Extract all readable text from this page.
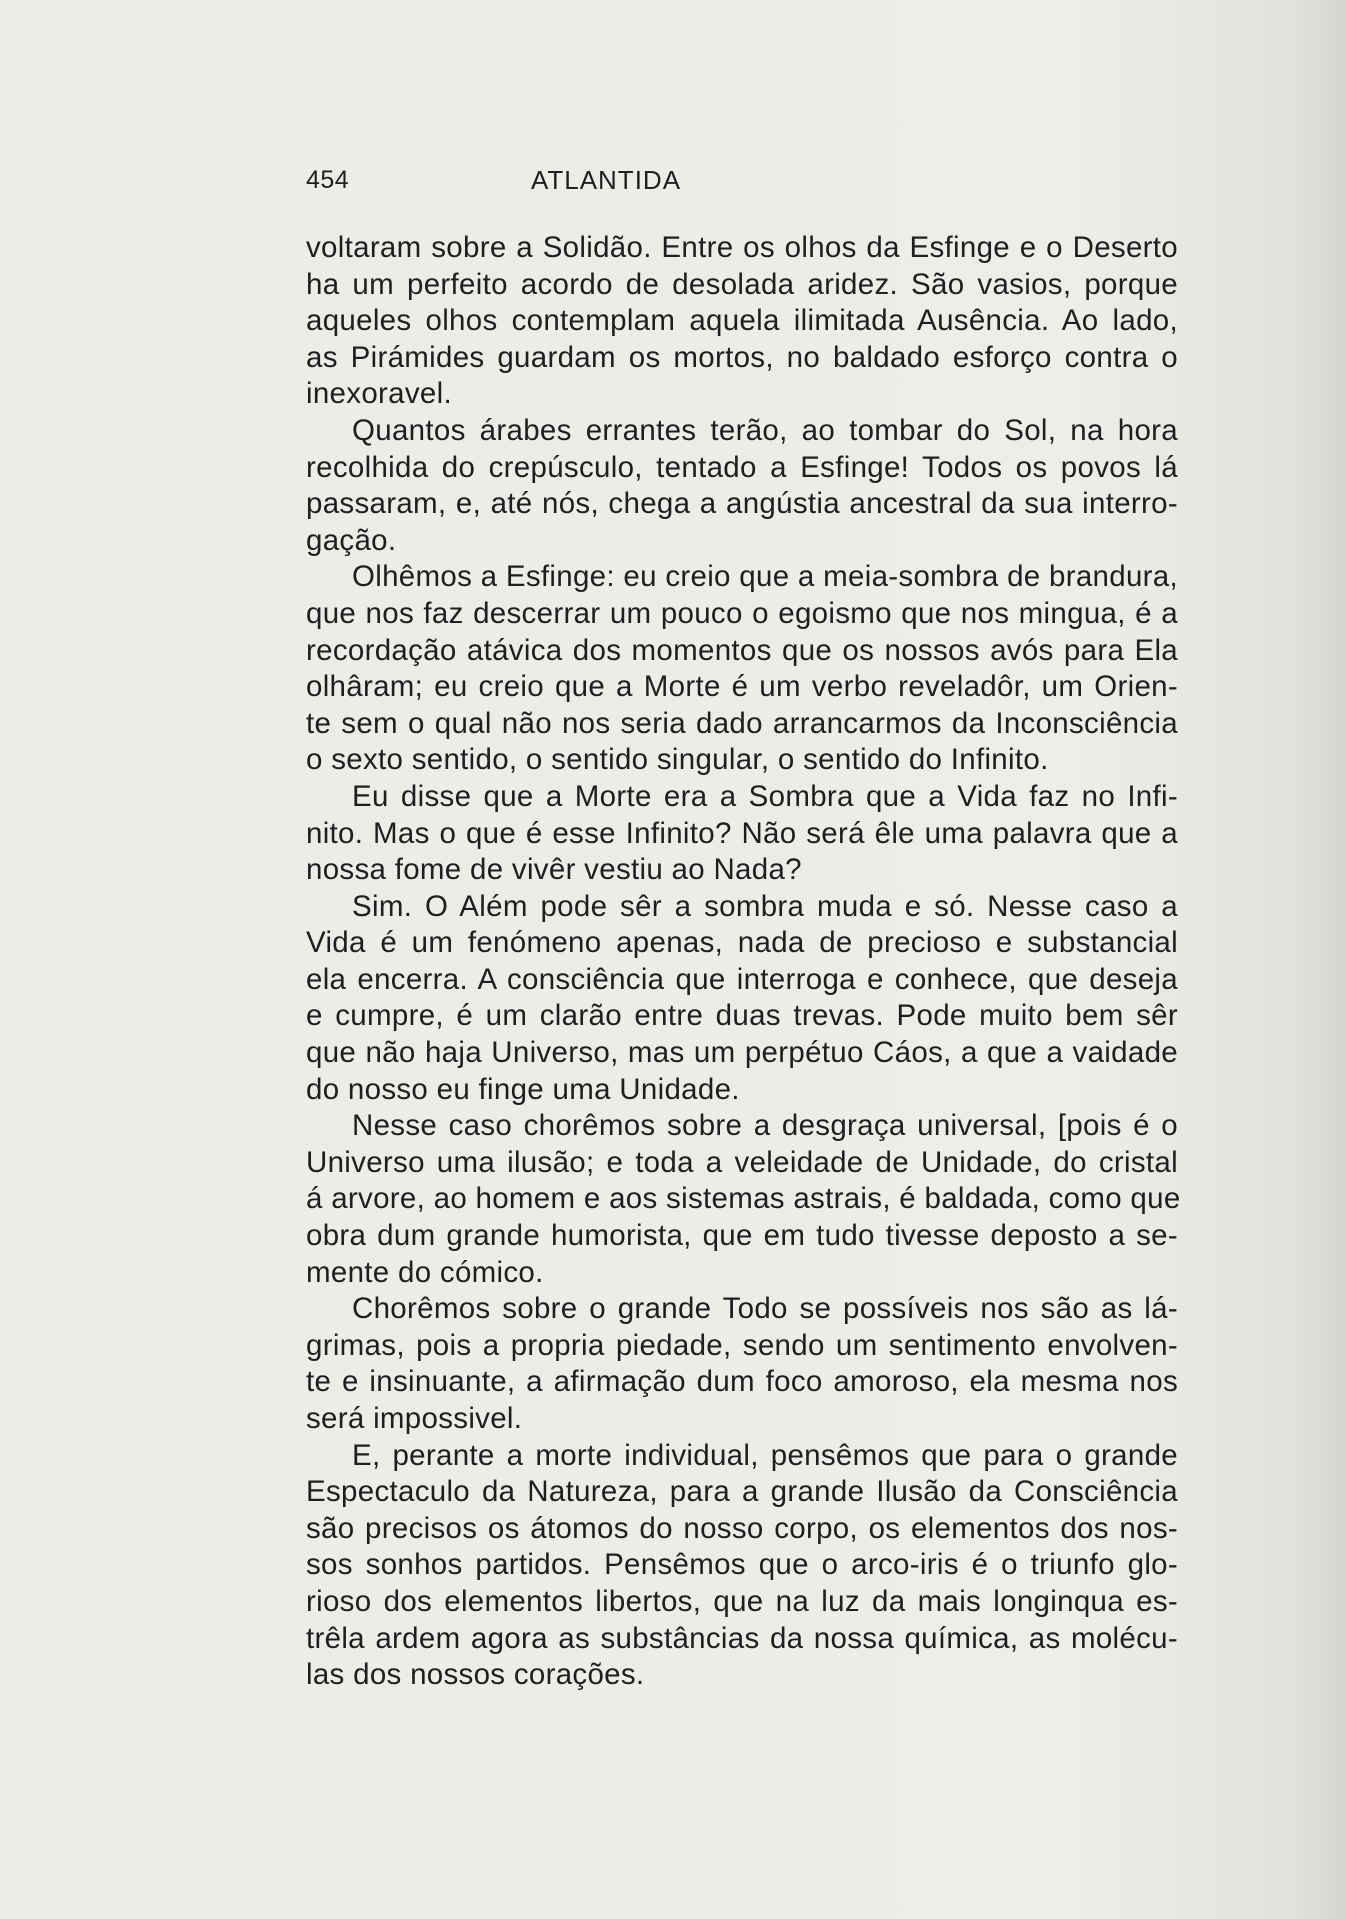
454	ATLANTIDA

voltaram sobre a Solidão. Entre os olhos da Esfinge e o Deserto
ha um perfeito acordo de desolada aridez. São vasios, porque
aqueles olhos contemplam aquela ilimitada Ausência. Ao lado,
as Pirámides guardam os mortos, no baldado esforço contra o
inexoravel.

Quantos árabes errantes terão, ao tombar do Sol, na hora
recolhida do crepúsculo, tentado a Esfinge! Todos os povos lá
passaram, e, até nós, chega a angústia ancestral da sua interro-
gação.

Olhêmos a Esfinge: eu creio que a meia-sombra de brandura,
que nos faz descerrar um pouco o egoismo que nos mingua, é a
recordação atávica dos momentos que os nossos avós para Ela
olhâram; eu creio que a Morte é um verbo reveladôr, um Orien-
te sem o qual não nos seria dado arrancarmos da Inconsciência
o sexto sentido, o sentido singular, o sentido do Infinito.

Eu disse que a Morte era a Sombra que a Vida faz no Infi-
nito. Mas o que é esse Infinito? Não será êle uma palavra que a
nossa fome de vivêr vestiu ao Nada?

Sim. O Além pode sêr a sombra muda e só. Nesse caso a
Vida é um fenómeno apenas, nada de precioso e substancial
ela encerra. A consciência que interroga e conhece, que deseja
e cumpre, é um clarão entre duas trevas. Pode muito bem sêr
que não haja Universo, mas um perpétuo Cáos, a que a vaidade
do nosso eu finge uma Unidade.

Nesse caso chorêmos sobre a desgraça universal, [pois é o
Universo uma ilusão; e toda a veleidade de Unidade, do cristal
á arvore, ao homem e aos sistemas astrais, é baldada, como que
obra dum grande humorista, que em tudo tivesse deposto a se-
mente do cómico.

Chorêmos sobre o grande Todo se possíveis nos são as lá-
grimas, pois a propria piedade, sendo um sentimento envolven-
te e insinuante, a afirmação dum foco amoroso, ela mesma nos
será impossivel.

E, perante a morte individual, pensêmos que para o grande
Espectaculo da Natureza, para a grande Ilusão da Consciência
são precisos os átomos do nosso corpo, os elementos dos nos-
sos sonhos partidos. Pensêmos que o arco-iris é o triunfo glo-
rioso dos elementos libertos, que na luz da mais longinqua es-
trêla ardem agora as substâncias da nossa química, as molécu-
las dos nossos corações.
